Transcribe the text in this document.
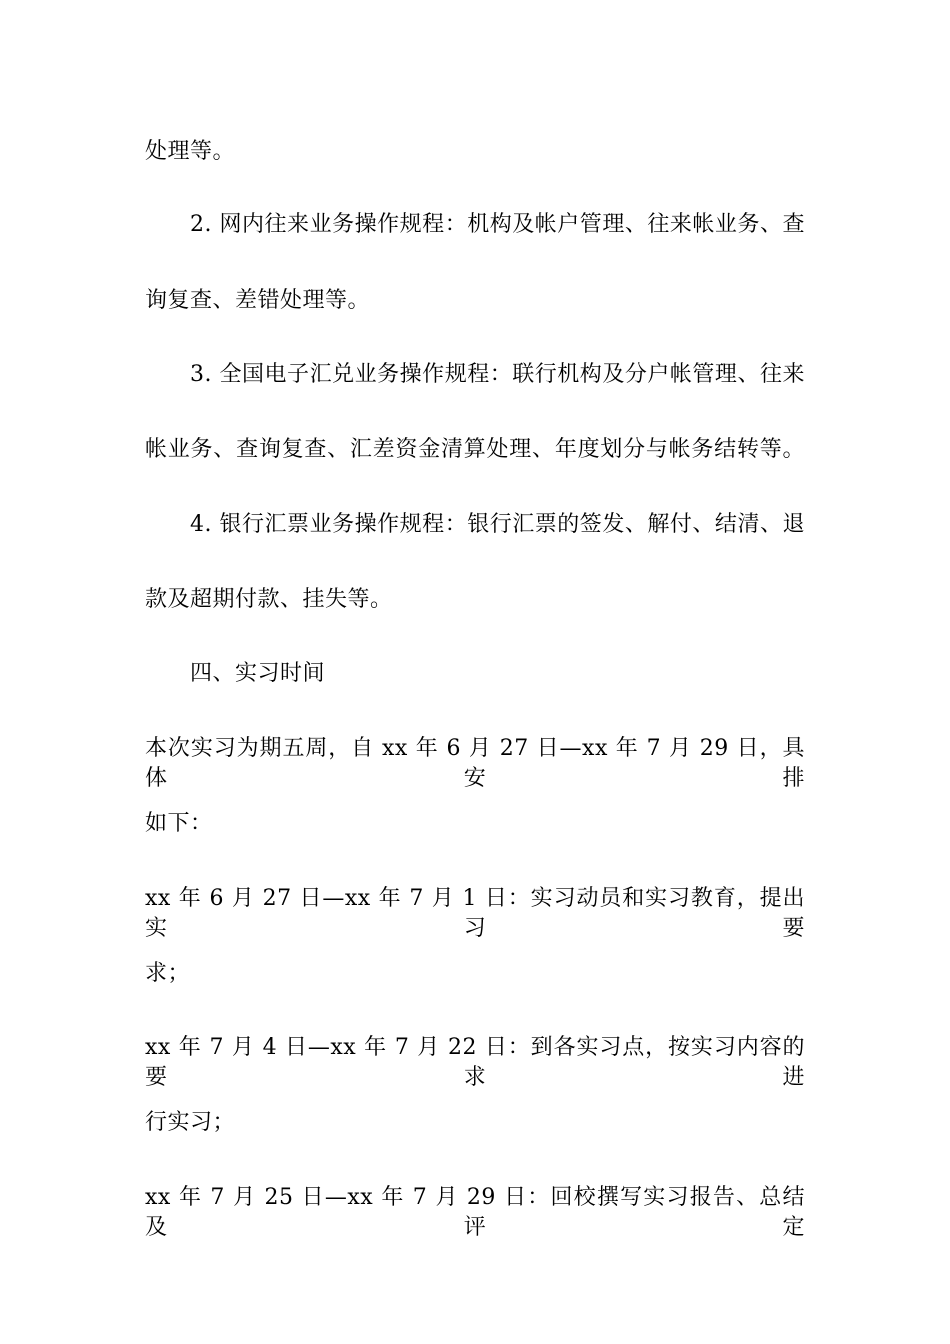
处理等。
2. 网内往来业务操作规程：机构及帐户管理、往来帐业务、查
询复查、差错处理等。
3. 全国电子汇兑业务操作规程：联行机构及分户帐管理、往来
帐业务、查询复查、汇差资金清算处理、年度划分与帐务结转等。
4. 银行汇票业务操作规程：银行汇票的签发、解付、结清、退
款及超期付款、挂失等。
四、实习时间
本次实习为期五周，自 xx 年 6 月 27 日—xx 年 7 月 29 日，具体安排
如下：
xx 年 6 月 27 日—xx 年 7 月 1 日：实习动员和实习教育，提出实习要
求；
xx 年 7 月 4 日—xx 年 7 月 22 日：到各实习点，按实习内容的要求进
行实习；
xx 年 7 月 25 日—xx 年 7 月 29 日：回校撰写实习报告、总结及评定
